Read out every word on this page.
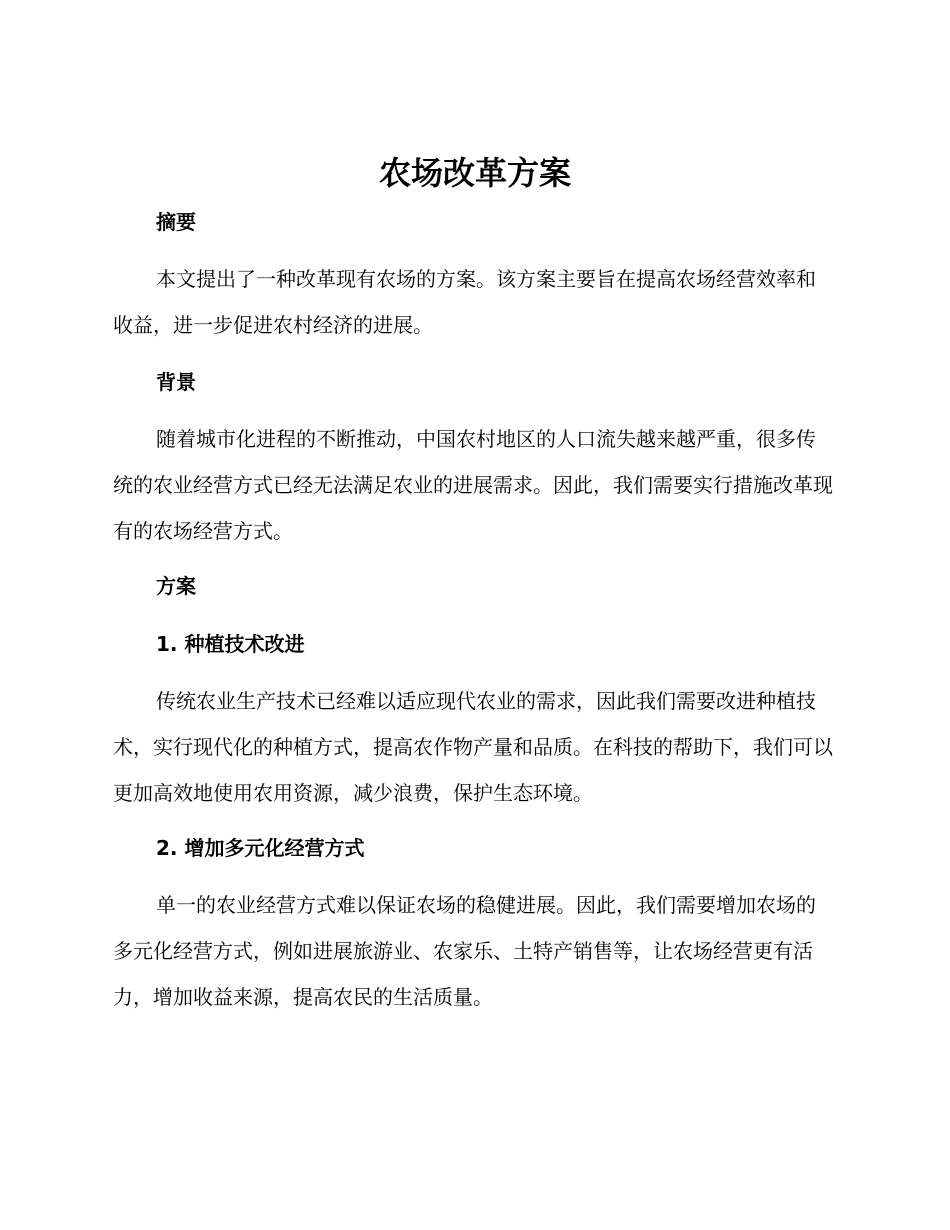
农场改革方案
摘要

本文提出了一种改革现有农场的方案。该方案主要旨在提高农场经营效率和收益，进一步促进农村经济的进展。

背景

随着城市化进程的不断推动，中国农村地区的人口流失越来越严重，很多传统的农业经营方式已经无法满足农业的进展需求。因此，我们需要实行措施改革现有的农场经营方式。

方案
1. 种植技术改进

传统农业生产技术已经难以适应现代农业的需求，因此我们需要改进种植技术，实行现代化的种植方式，提高农作物产量和品质。在科技的帮助下，我们可以更加高效地使用农用资源，减少浪费，保护生态环境。

2. 增加多元化经营方式

单一的农业经营方式难以保证农场的稳健进展。因此，我们需要增加农场的多元化经营方式，例如进展旅游业、农家乐、土特产销售等，让农场经营更有活力，增加收益来源，提高农民的生活质量。
